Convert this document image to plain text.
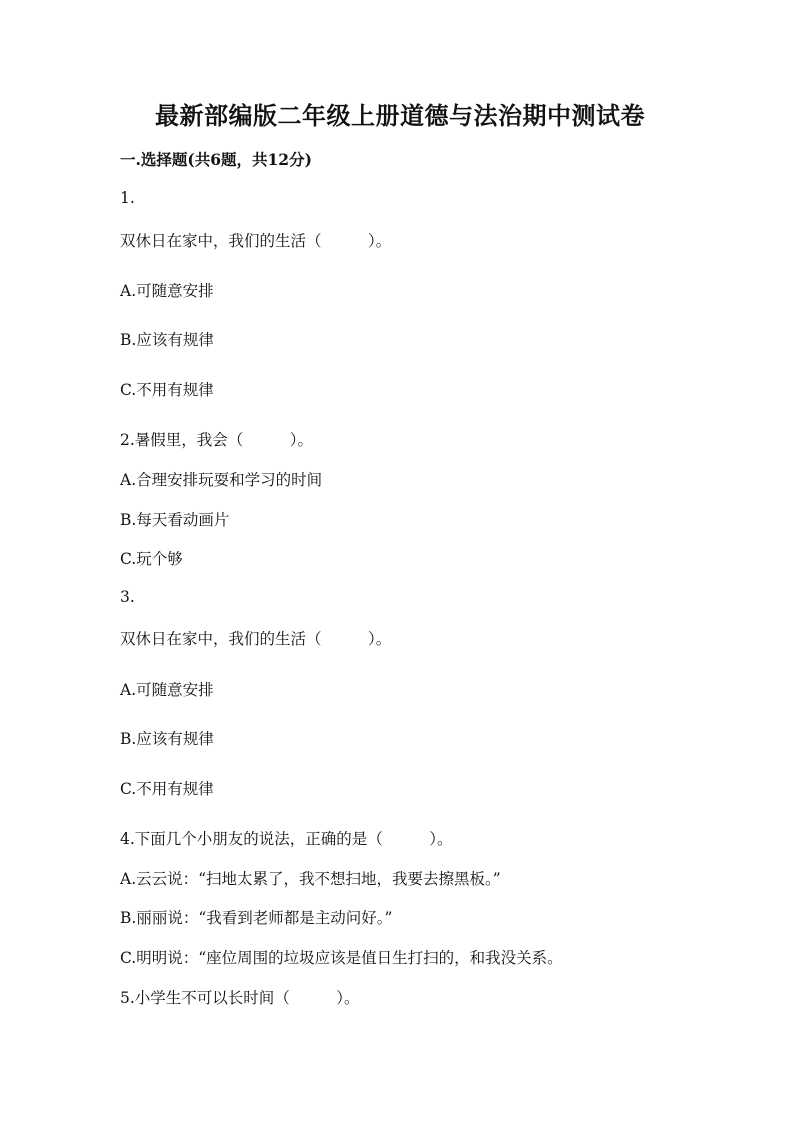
最新部编版二年级上册道德与法治期中测试卷
一.选择题(共6题，共12分)
1.
双休日在家中，我们的生活（　　　）。
A.可随意安排
B.应该有规律
C.不用有规律
2.暑假里，我会（　　　）。
A.合理安排玩耍和学习的时间
B.每天看动画片
C.玩个够
3.
双休日在家中，我们的生活（　　　）。
A.可随意安排
B.应该有规律
C.不用有规律
4.下面几个小朋友的说法，正确的是（　　　）。
A.云云说：“扫地太累了，我不想扫地，我要去擦黑板。”
B.丽丽说：“我看到老师都是主动问好。”
C.明明说：“座位周围的垃圾应该是值日生打扫的，和我没关系。
5.小学生不可以长时间（　　　）。
